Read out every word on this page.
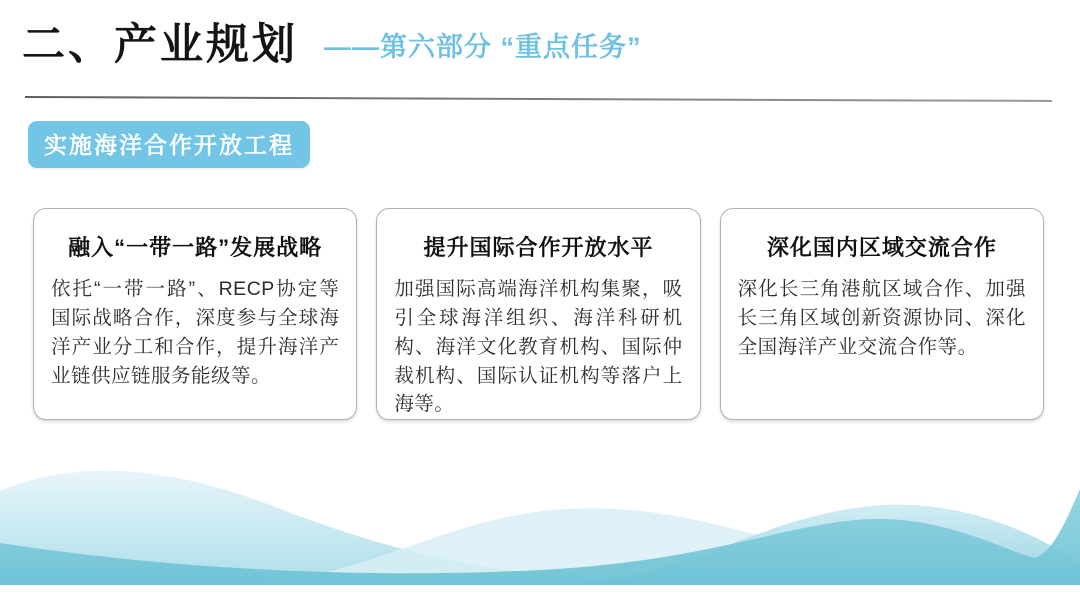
二、产业规划 ——第六部分 “重点任务”
实施海洋合作开放工程
融入“一带一路”发展战略

依托“一带一路”、RECP协定等国际战略合作，深度参与全球海洋产业分工和合作，提升海洋产业链供应链服务能级等。

提升国际合作开放水平

加强国际高端海洋机构集聚，吸引全球海洋组织、海洋科研机构、海洋文化教育机构、国际仲裁机构、国际认证机构等落户上海等。

深化国内区域交流合作

深化长三角港航区域合作、加强长三角区域创新资源协同、深化全国海洋产业交流合作等。
